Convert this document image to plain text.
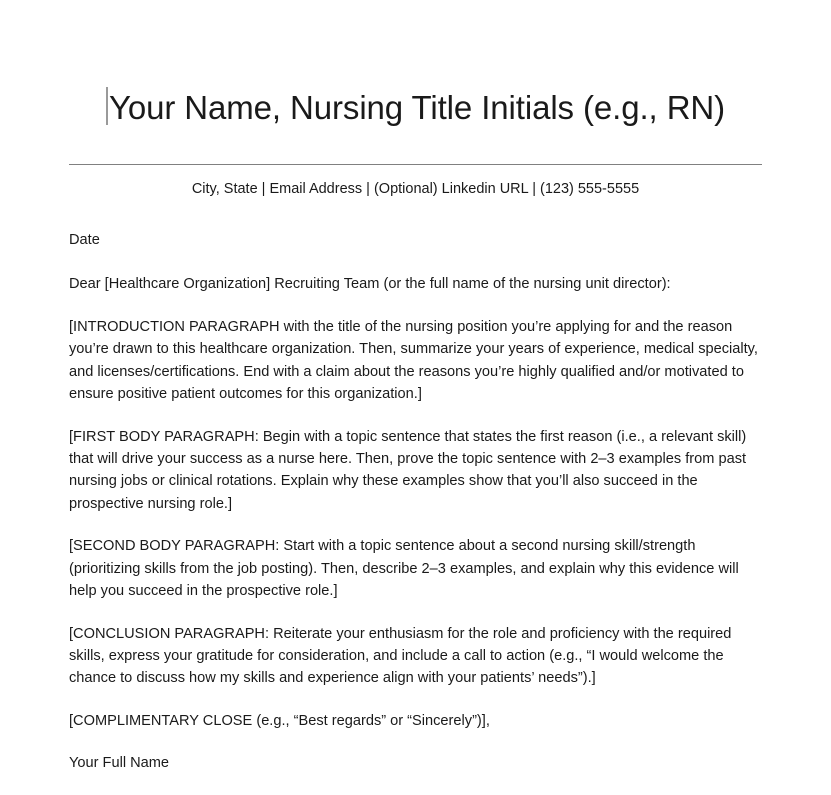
Your Name, Nursing Title Initials (e.g., RN)
City, State | Email Address | (Optional) Linkedin URL | (123) 555-5555

Date

Dear [Healthcare Organization] Recruiting Team (or the full name of the nursing unit director):

[INTRODUCTION PARAGRAPH with the title of the nursing position you’re applying for and the reason you’re drawn to this healthcare organization. Then, summarize your years of experience, medical specialty, and licenses/certifications. End with a claim about the reasons you’re highly qualified and/or motivated to ensure positive patient outcomes for this organization.]

[FIRST BODY PARAGRAPH: Begin with a topic sentence that states the first reason (i.e., a relevant skill) that will drive your success as a nurse here. Then, prove the topic sentence with 2–3 examples from past nursing jobs or clinical rotations. Explain why these examples show that you’ll also succeed in the prospective nursing role.]

[SECOND BODY PARAGRAPH: Start with a topic sentence about a second nursing skill/strength (prioritizing skills from the job posting). Then, describe 2–3 examples, and explain why this evidence will help you succeed in the prospective role.]

[CONCLUSION PARAGRAPH: Reiterate your enthusiasm for the role and proficiency with the required skills, express your gratitude for consideration, and include a call to action (e.g., “I would welcome the chance to discuss how my skills and experience align with your patients’ needs”).]

[COMPLIMENTARY CLOSE (e.g., “Best regards” or “Sincerely”)],

Your Full Name
